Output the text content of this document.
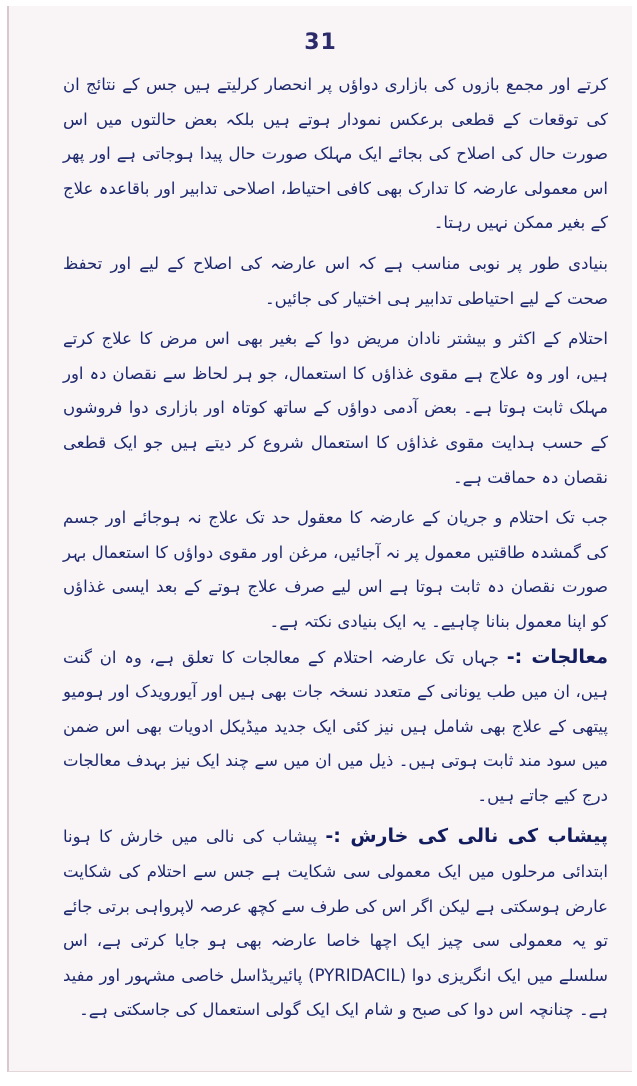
31

کرتے اور مجمع بازوں کی بازاری دواؤں پر انحصار کرلیتے ہیں جس کے نتائج ان کی توقعات کے قطعی برعکس نمودار ہوتے ہیں بلکہ بعض حالتوں میں اس صورت حال کی اصلاح کی بجائے ایک مہلک صورت حال پیدا ہوجاتی ہے اور پھر اس معمولی عارضہ کا تدارک بھی کافی احتیاط، اصلاحی تدابیر اور باقاعدہ علاج کے بغیر ممکن نہیں رہتا۔

بنیادی طور پر نوبی مناسب ہے کہ اس عارضہ کی اصلاح کے لیے اور تحفظ صحت کے لیے احتیاطی تدابیر ہی اختیار کی جائیں۔

احتلام کے اکثر و بیشتر نادان مریض دوا کے بغیر بھی اس مرض کا علاج کرتے ہیں، اور وہ علاج ہے مقوی غذاؤں کا استعمال، جو ہر لحاظ سے نقصان دہ اور مہلک ثابت ہوتا ہے۔ بعض آدمی دواؤں کے ساتھ کوتاہ اور بازاری دوا فروشوں کے حسب ہدایت مقوی غذاؤں کا استعمال شروع کر دیتے ہیں جو ایک قطعی نقصان دہ حماقت ہے۔

جب تک احتلام و جریان کے عارضہ کا معقول حد تک علاج نہ ہوجائے اور جسم کی گمشدہ طاقتیں معمول پر نہ آجائیں، مرغن اور مقوی دواؤں کا استعمال بہر صورت نقصان دہ ثابت ہوتا ہے اس لیے صرف علاج ہوتے کے بعد ایسی غذاؤں کو اپنا معمول بنانا چاہیے۔ یہ ایک بنیادی نکتہ ہے۔

معالجات :- جہاں تک عارضہ احتلام کے معالجات کا تعلق ہے، وہ ان گنت ہیں، ان میں طب یونانی کے متعدد نسخہ جات بھی ہیں اور آیورویدک اور ہومیو پیتھی کے علاج بھی شامل ہیں نیز کئی ایک جدید میڈیکل ادویات بھی اس ضمن میں سود مند ثابت ہوتی ہیں۔ ذیل میں ان میں سے چند ایک نیز بہدف معالجات درج کیے جاتے ہیں۔

پیشاب کی نالی کی خارش :- پیشاب کی نالی میں خارش کا ہونا ابتدائی مرحلوں میں ایک معمولی سی شکایت ہے جس سے احتلام کی شکایت عارض ہوسکتی ہے لیکن اگر اس کی طرف سے کچھ عرصہ لاپرواہی برتی جائے تو یہ معمولی سی چیز ایک اچھا خاصا عارضہ بھی ہو جایا کرتی ہے، اس سلسلے میں ایک انگریزی دوا (PYRIDACIL) پائیریڈاسل خاصی مشہور اور مفید ہے۔ چنانچہ اس دوا کی صبح و شام ایک ایک گولی استعمال کی جاسکتی ہے۔
